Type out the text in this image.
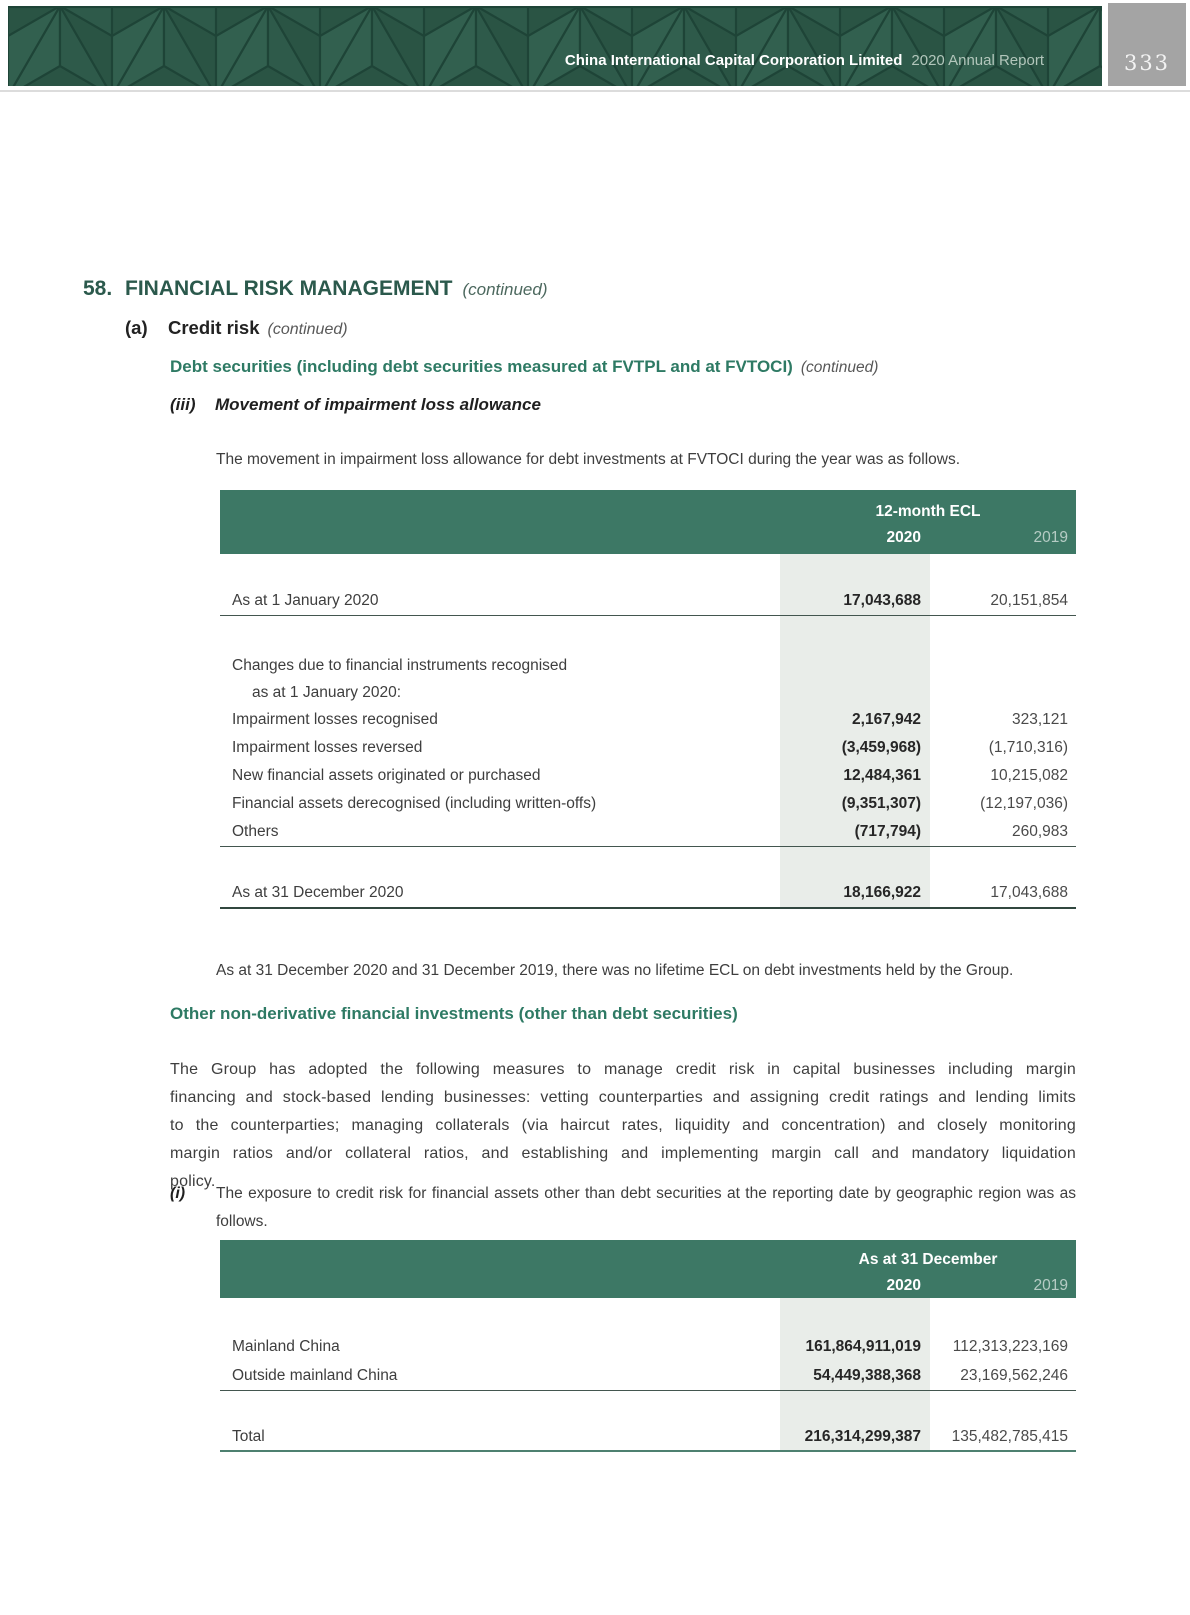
China International Capital Corporation Limited 2020 Annual Report	333
58. FINANCIAL RISK MANAGEMENT (continued)
(a) Credit risk (continued)
Debt securities (including debt securities measured at FVTPL and at FVTOCI) (continued)
(iii) Movement of impairment loss allowance

The movement in impairment loss allowance for debt investments at FVTOCI during the year was as follows.

12-month ECL
2020	2019
As at 1 January 2020	17,043,688	20,151,854
Changes due to financial instruments recognised
as at 1 January 2020:
Impairment losses recognised	2,167,942	323,121
Impairment losses reversed	(3,459,968)	(1,710,316)
New financial assets originated or purchased	12,484,361	10,215,082
Financial assets derecognised (including written-offs)	(9,351,307)	(12,197,036)
Others	(717,794)	260,983
As at 31 December 2020	18,166,922	17,043,688

As at 31 December 2020 and 31 December 2019, there was no lifetime ECL on debt investments held by the Group.

Other non-derivative financial investments (other than debt securities)

The Group has adopted the following measures to manage credit risk in capital businesses including margin financing and stock-based lending businesses: vetting counterparties and assigning credit ratings and lending limits to the counterparties; managing collaterals (via haircut rates, liquidity and concentration) and closely monitoring margin ratios and/or collateral ratios, and establishing and implementing margin call and mandatory liquidation policy.

(i) The exposure to credit risk for financial assets other than debt securities at the reporting date by geographic region was as follows.
As at 31 December
2020	2019
Mainland China	161,864,911,019	112,313,223,169
Outside mainland China	54,449,388,368	23,169,562,246
Total	216,314,299,387	135,482,785,415
